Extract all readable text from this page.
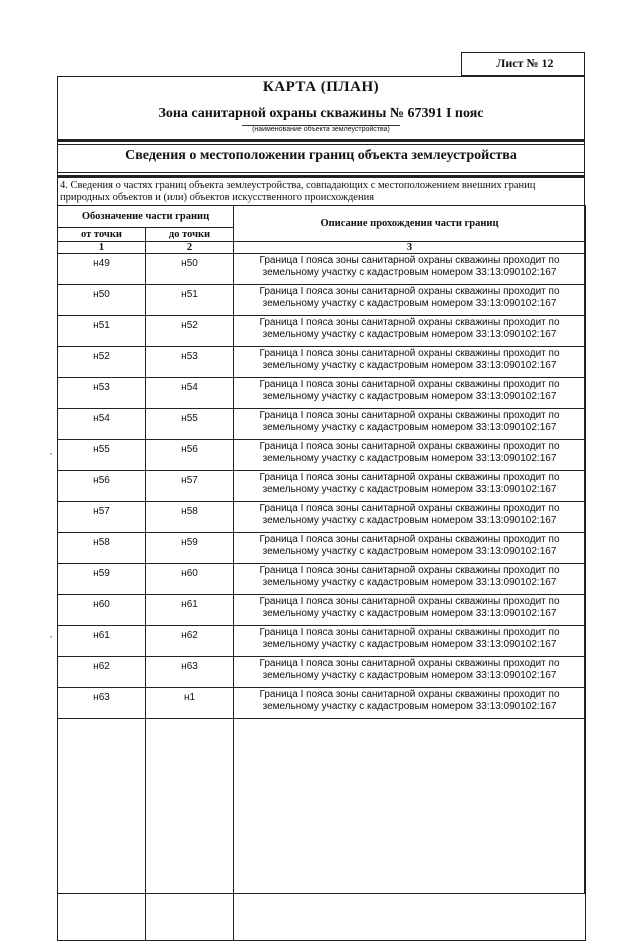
Лист № 12
КАРТА (ПЛАН)
Зона санитарной охраны скважины № 67391 I пояс
(наименование объекта землеустройства)
Сведения о местоположении границ объекта землеустройства
4. Сведения о частях границ объекта землеустройства, совпадающих с местоположением внешних границ природных объектов и (или) объектов искусственного происхождения
Обозначение части границ		Описание прохождения части границ
от точки	до точки	
1	2	3
н49	н50	Граница I пояса зоны санитарной охраны скважины проходит по земельному участку с кадастровым номером 33:13:090102:167
н50	н51	Граница I пояса зоны санитарной охраны скважины проходит по земельному участку с кадастровым номером 33:13:090102:167
н51	н52	Граница I пояса зоны санитарной охраны скважины проходит по земельному участку с кадастровым номером 33:13:090102:167
н52	н53	Граница I пояса зоны санитарной охраны скважины проходит по земельному участку с кадастровым номером 33:13:090102:167
н53	н54	Граница I пояса зоны санитарной охраны скважины проходит по земельному участку с кадастровым номером 33:13:090102:167
н54	н55	Граница I пояса зоны санитарной охраны скважины проходит по земельному участку с кадастровым номером 33:13:090102:167
н55	н56	Граница I пояса зоны санитарной охраны скважины проходит по земельному участку с кадастровым номером 33:13:090102:167
н56	н57	Граница I пояса зоны санитарной охраны скважины проходит по земельному участку с кадастровым номером 33:13:090102:167
н57	н58	Граница I пояса зоны санитарной охраны скважины проходит по земельному участку с кадастровым номером 33:13:090102:167
н58	н59	Граница I пояса зоны санитарной охраны скважины проходит по земельному участку с кадастровым номером 33:13:090102:167
н59	н60	Граница I пояса зоны санитарной охраны скважины проходит по земельному участку с кадастровым номером 33:13:090102:167
н60	н61	Граница I пояса зоны санитарной охраны скважины проходит по земельному участку с кадастровым номером 33:13:090102:167
н61	н62	Граница I пояса зоны санитарной охраны скважины проходит по земельному участку с кадастровым номером 33:13:090102:167
н62	н63	Граница I пояса зоны санитарной охраны скважины проходит по земельному участку с кадастровым номером 33:13:090102:167
н63	н1	Граница I пояса зоны санитарной охраны скважины проходит по земельному участку с кадастровым номером 33:13:090102:167

•
•
